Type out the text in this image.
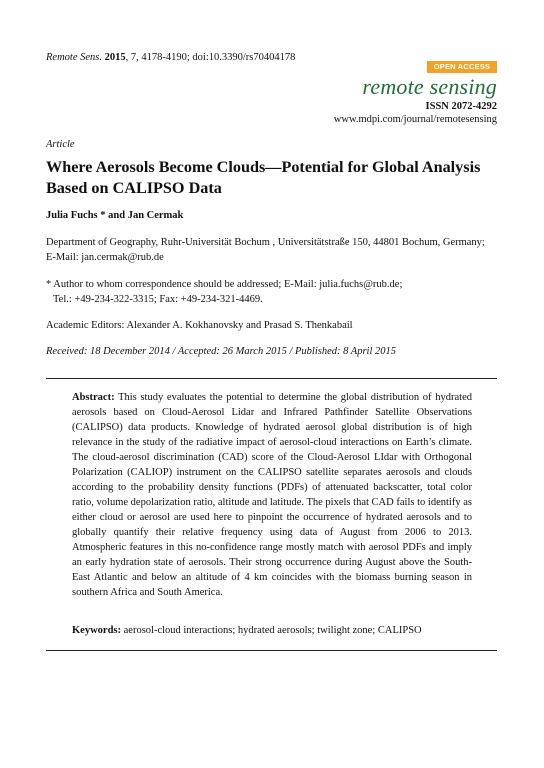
Remote Sens. 2015, 7, 4178-4190; doi:10.3390/rs70404178
OPEN ACCESS
remote sensing
ISSN 2072-4292
www.mdpi.com/journal/remotesensing
Article
Where Aerosols Become Clouds—Potential for Global Analysis Based on CALIPSO Data
Julia Fuchs * and Jan Cermak
Department of Geography, Ruhr-Universität Bochum , Universitätstraße 150, 44801 Bochum, Germany; E-Mail: jan.cermak@rub.de
* Author to whom correspondence should be addressed; E-Mail: julia.fuchs@rub.de;
Tel.: +49-234-322-3315; Fax: +49-234-321-4469.
Academic Editors: Alexander A. Kokhanovsky and Prasad S. Thenkabail
Received: 18 December 2014 / Accepted: 26 March 2015 / Published: 8 April 2015
Abstract: This study evaluates the potential to determine the global distribution of hydrated aerosols based on Cloud-Aerosol Lidar and Infrared Pathfinder Satellite Observations (CALIPSO) data products. Knowledge of hydrated aerosol global distribution is of high relevance in the study of the radiative impact of aerosol-cloud interactions on Earth’s climate. The cloud-aerosol discrimination (CAD) score of the Cloud-Aerosol LIdar with Orthogonal Polarization (CALIOP) instrument on the CALIPSO satellite separates aerosols and clouds according to the probability density functions (PDFs) of attenuated backscatter, total color ratio, volume depolarization ratio, altitude and latitude. The pixels that CAD fails to identify as either cloud or aerosol are used here to pinpoint the occurrence of hydrated aerosols and to globally quantify their relative frequency using data of August from 2006 to 2013. Atmospheric features in this no-confidence range mostly match with aerosol PDFs and imply an early hydration state of aerosols. Their strong occurrence during August above the South-East Atlantic and below an altitude of 4 km coincides with the biomass burning season in southern Africa and South America.
Keywords: aerosol-cloud interactions; hydrated aerosols; twilight zone; CALIPSO
